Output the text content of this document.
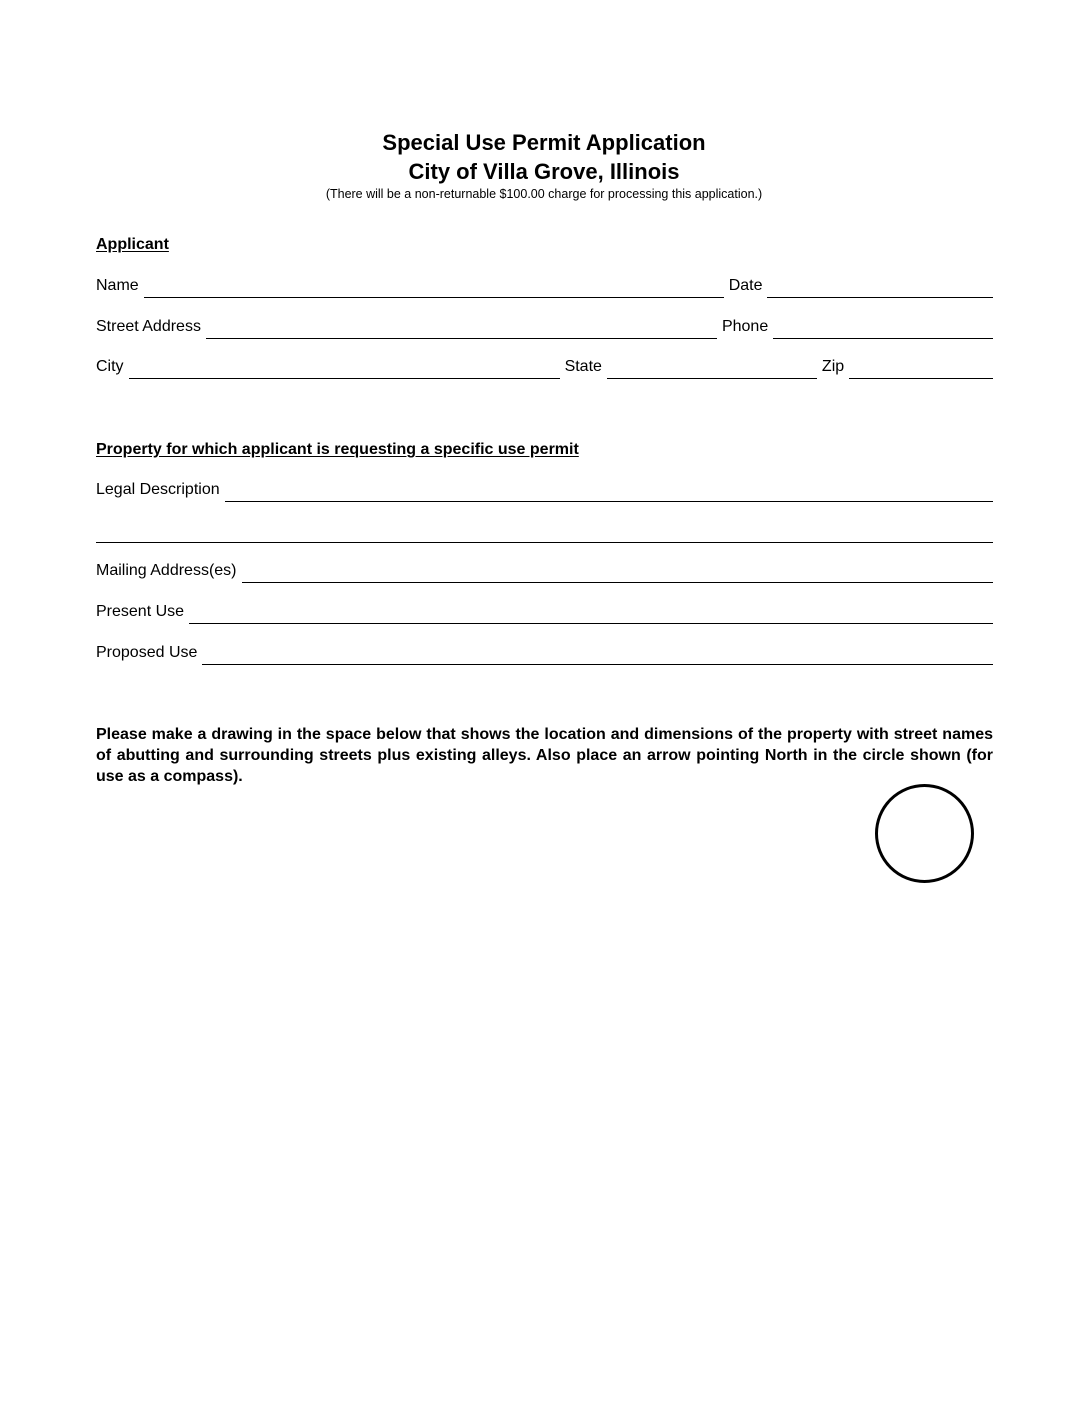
Special Use Permit Application
City of Villa Grove, Illinois
(There will be a non-returnable $100.00 charge for processing this application.)
Applicant
Name	Date
Street Address	Phone
City	State	Zip
Property for which applicant is requesting a specific use permit
Legal Description
Mailing Address(es)
Present Use
Proposed Use
Please make a drawing in the space below that shows the location and dimensions of the property with street names of abutting and surrounding streets plus existing alleys. Also place an arrow pointing North in the circle shown (for use as a compass).
